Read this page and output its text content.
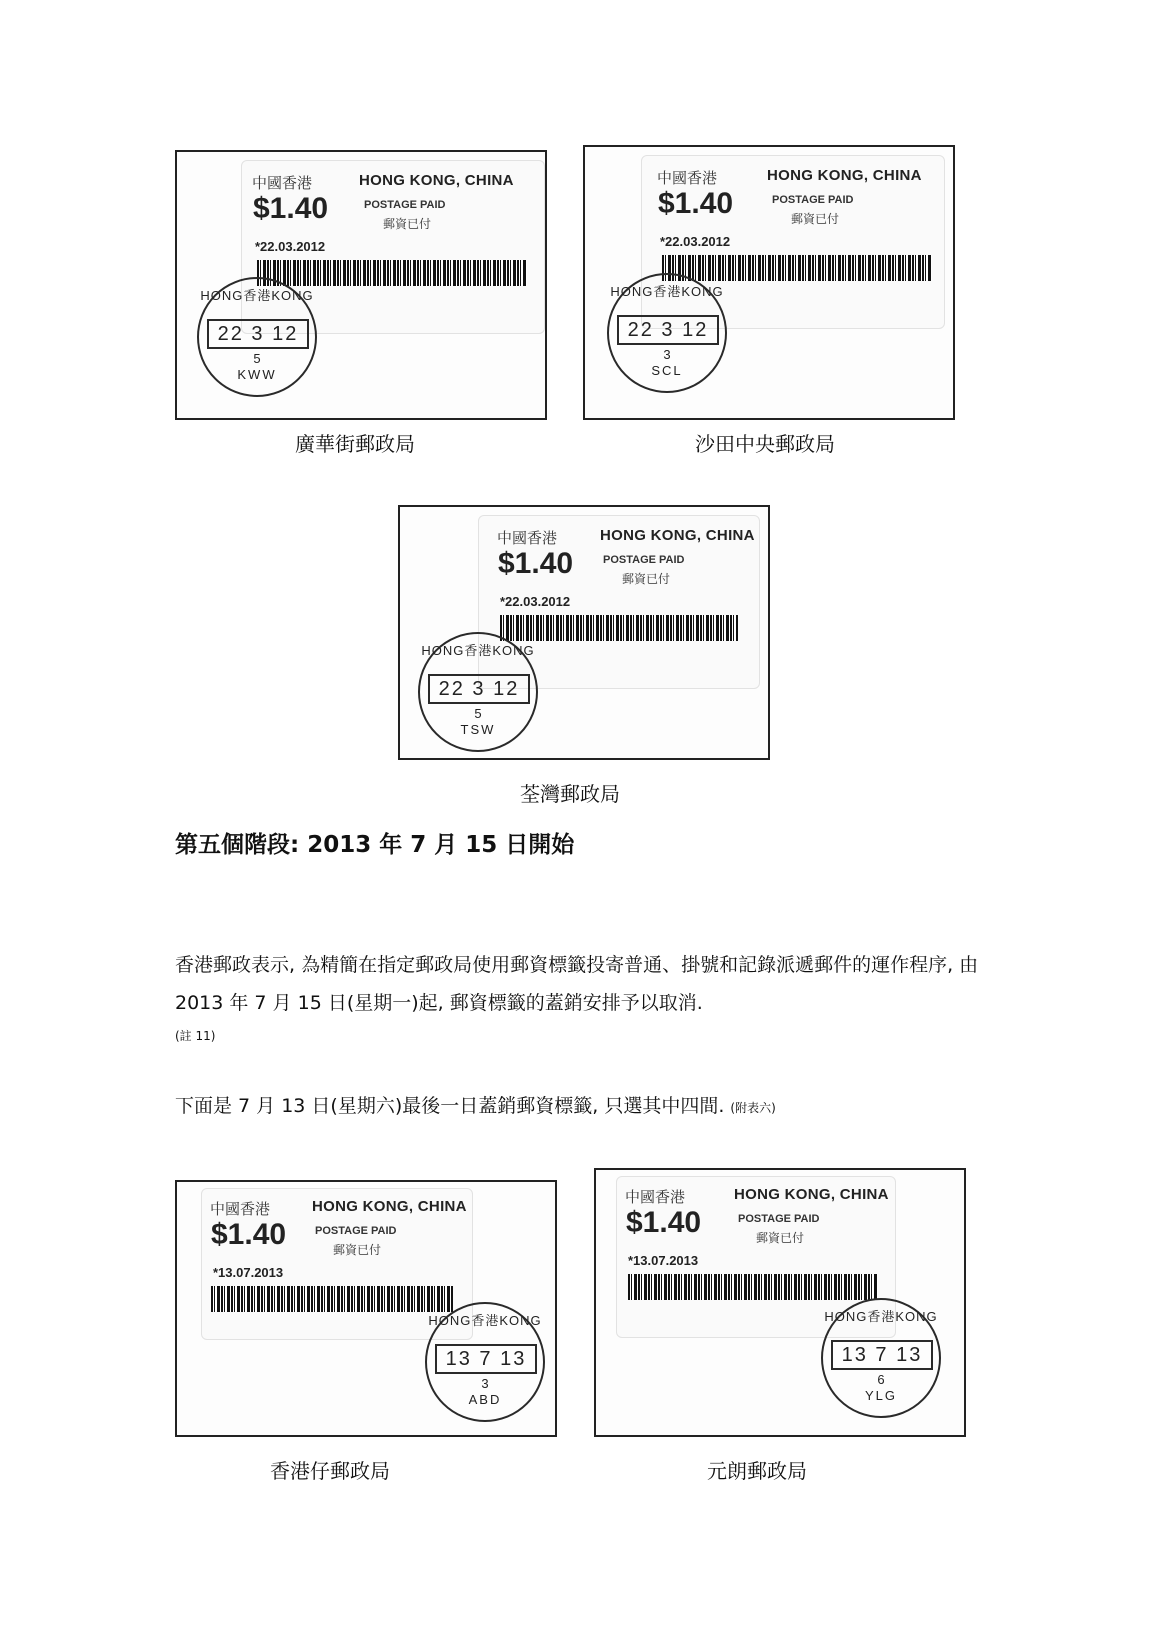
中國香港	HONG KONG, CHINA
$1.40	POSTAGE PAID
郵資已付
*22.03.2012
HONG香港KONG
22 3 12
5
KWW
廣華街郵政局
中國香港	HONG KONG, CHINA
$1.40	POSTAGE PAID
郵資已付
*22.03.2012
HONG香港KONG
22 3 12
3
SCL
沙田中央郵政局
中國香港	HONG KONG, CHINA
$1.40	POSTAGE PAID
郵資已付
*22.03.2012
HONG香港KONG
22 3 12
5
TSW
荃灣郵政局
第五個階段: 2013 年 7 月 15 日開始
香港郵政表示, 為精簡在指定郵政局使用郵資標籤投寄普通、掛號和記錄派遞郵件的運作程序, 由 2013 年 7 月 15 日(星期一)起, 郵資標籤的蓋銷安排予以取消.
(註 11)
下面是 7 月 13 日(星期六)最後一日蓋銷郵資標籤, 只選其中四間. (附表六)
中國香港	HONG KONG, CHINA
$1.40	POSTAGE PAID
郵資已付
*13.07.2013
HONG香港KONG
13 7 13
3
ABD
香港仔郵政局
中國香港	HONG KONG, CHINA
$1.40	POSTAGE PAID
郵資已付
*13.07.2013
HONG香港KONG
13 7 13
6
YLG
元朗郵政局
